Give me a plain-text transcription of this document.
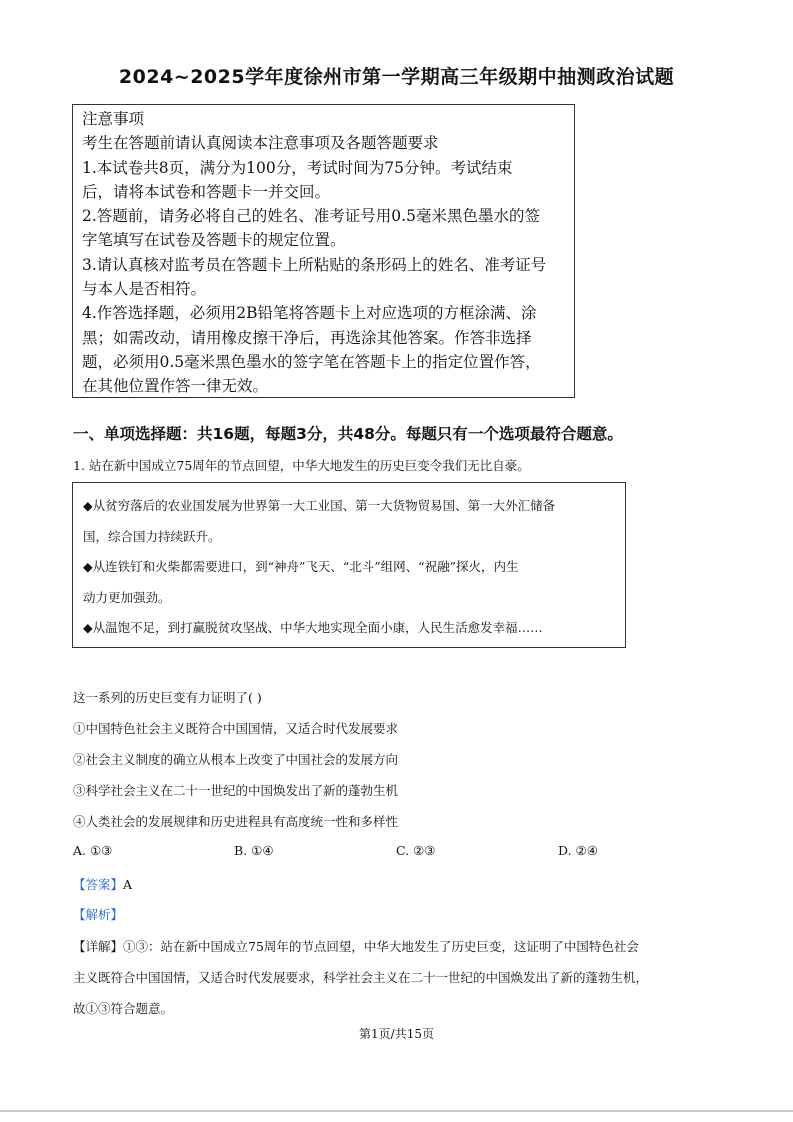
2024~2025学年度徐州市第一学期高三年级期中抽测政治试题
注意事项
考生在答题前请认真阅读本注意事项及各题答题要求
1.本试卷共8页，满分为100分，考试时间为75分钟。考试结束
后，请将本试卷和答题卡一并交回。
2.答题前，请务必将自己的姓名、准考证号用0.5毫米黑色墨水的签
字笔填写在试卷及答题卡的规定位置。
3.请认真核对监考员在答题卡上所粘贴的条形码上的姓名、准考证号
与本人是否相符。
4.作答选择题，必须用2B铅笔将答题卡上对应选项的方框涂满、涂
黑；如需改动，请用橡皮擦干净后，再选涂其他答案。作答非选择
题，必须用0.5毫米黑色墨水的签字笔在答题卡上的指定位置作答，
在其他位置作答一律无效。
一、单项选择题：共16题，每题3分，共48分。每题只有一个选项最符合题意。
1. 站在新中国成立75周年的节点回望，中华大地发生的历史巨变令我们无比自豪。
◆从贫穷落后的农业国发展为世界第一大工业国、第一大货物贸易国、第一大外汇储备
国，综合国力持续跃升。
◆从连铁钉和火柴都需要进口，到“神舟”飞天、“北斗”组网、“祝融”探火，内生
动力更加强劲。
◆从温饱不足，到打赢脱贫攻坚战、中华大地实现全面小康，人民生活愈发幸福……
这一系列的历史巨变有力证明了( )
①中国特色社会主义既符合中国国情，又适合时代发展要求
②社会主义制度的确立从根本上改变了中国社会的发展方向
③科学社会主义在二十一世纪的中国焕发出了新的蓬勃生机
④人类社会的发展规律和历史进程具有高度统一性和多样性
A. ①③	B. ①④	C. ②③	D. ②④
【答案】A
【解析】
【详解】①③：站在新中国成立75周年的节点回望，中华大地发生了历史巨变，这证明了中国特色社会
主义既符合中国国情，又适合时代发展要求，科学社会主义在二十一世纪的中国焕发出了新的蓬勃生机，
故①③符合题意。
第1页/共15页
